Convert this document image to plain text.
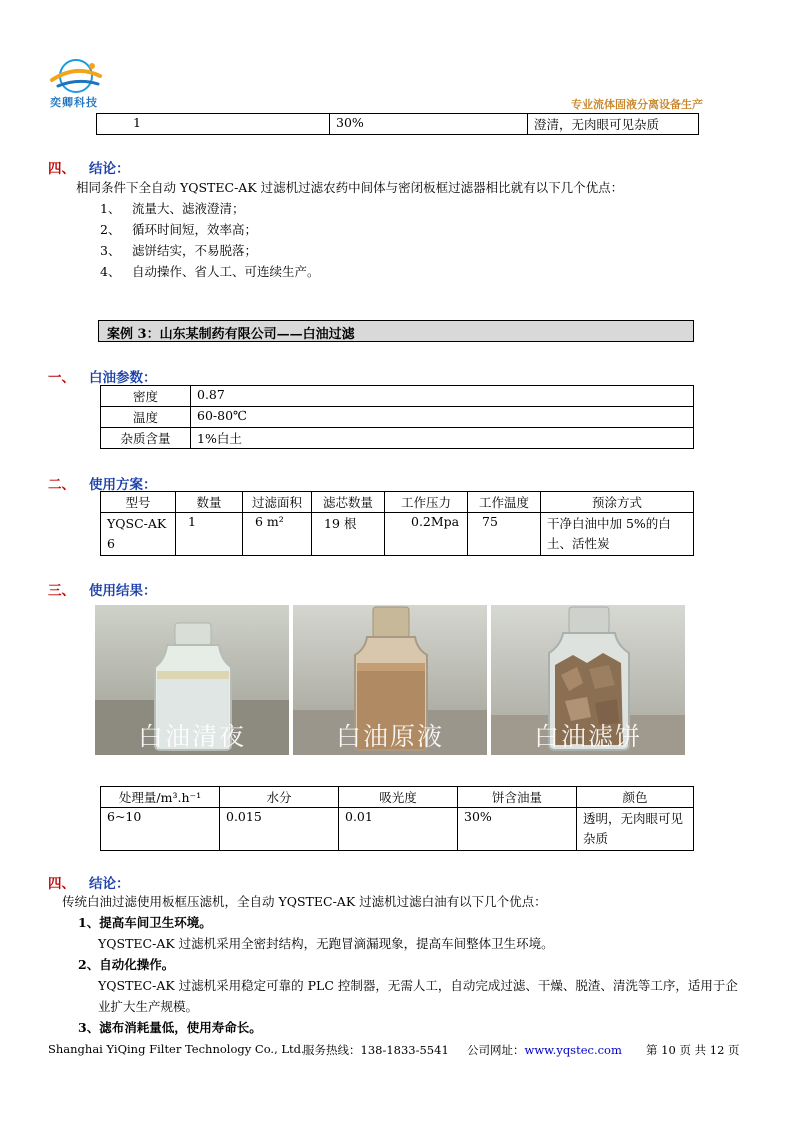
奕卿科技	专业流体固液分离设备生产
1	30%	澄清，无肉眼可见杂质
四、 结论：
相同条件下全自动 YQSTEC-AK 过滤机过滤农药中间体与密闭板框过滤器相比就有以下几个优点：
1、 流量大、滤液澄清；
2、 循环时间短，效率高；
3、 滤饼结实，不易脱落；
4、 自动操作、省人工、可连续生产。
案例 3：山东某制药有限公司——白油过滤
一、 白油参数：
密度	0.87
温度	60-80℃
杂质含量	1%白土
二、 使用方案：
型号	数量	过滤面积	滤芯数量	工作压力	工作温度	预涂方式
YQSC-AK 6	1	6 m²	19 根	0.2Mpa	75	干净白油中加 5%的白土、活性炭
三、 使用结果：
白油清夜	白油原液	白油滤饼
处理量/m³.h⁻¹	水分	吸光度	饼含油量	颜色
6~10	0.015	0.01	30%	透明，无肉眼可见杂质
四、 结论：
传统白油过滤使用板框压滤机，全自动 YQSTEC-AK 过滤机过滤白油有以下几个优点：
1、提高车间卫生环境。
YQSTEC-AK 过滤机采用全密封结构，无跑冒滴漏现象，提高车间整体卫生环境。
2、自动化操作。
YQSTEC-AK 过滤机采用稳定可靠的 PLC 控制器，无需人工，自动完成过滤、干燥、脱渣、清洗等工序，适用于企业扩大生产规模。
3、滤布消耗量低，使用寿命长。
Shanghai YiQing Filter Technology Co., Ltd.
服务热线：138-1833-5541 公司网址：www.yqstec.com 第 10 页 共 12 页
